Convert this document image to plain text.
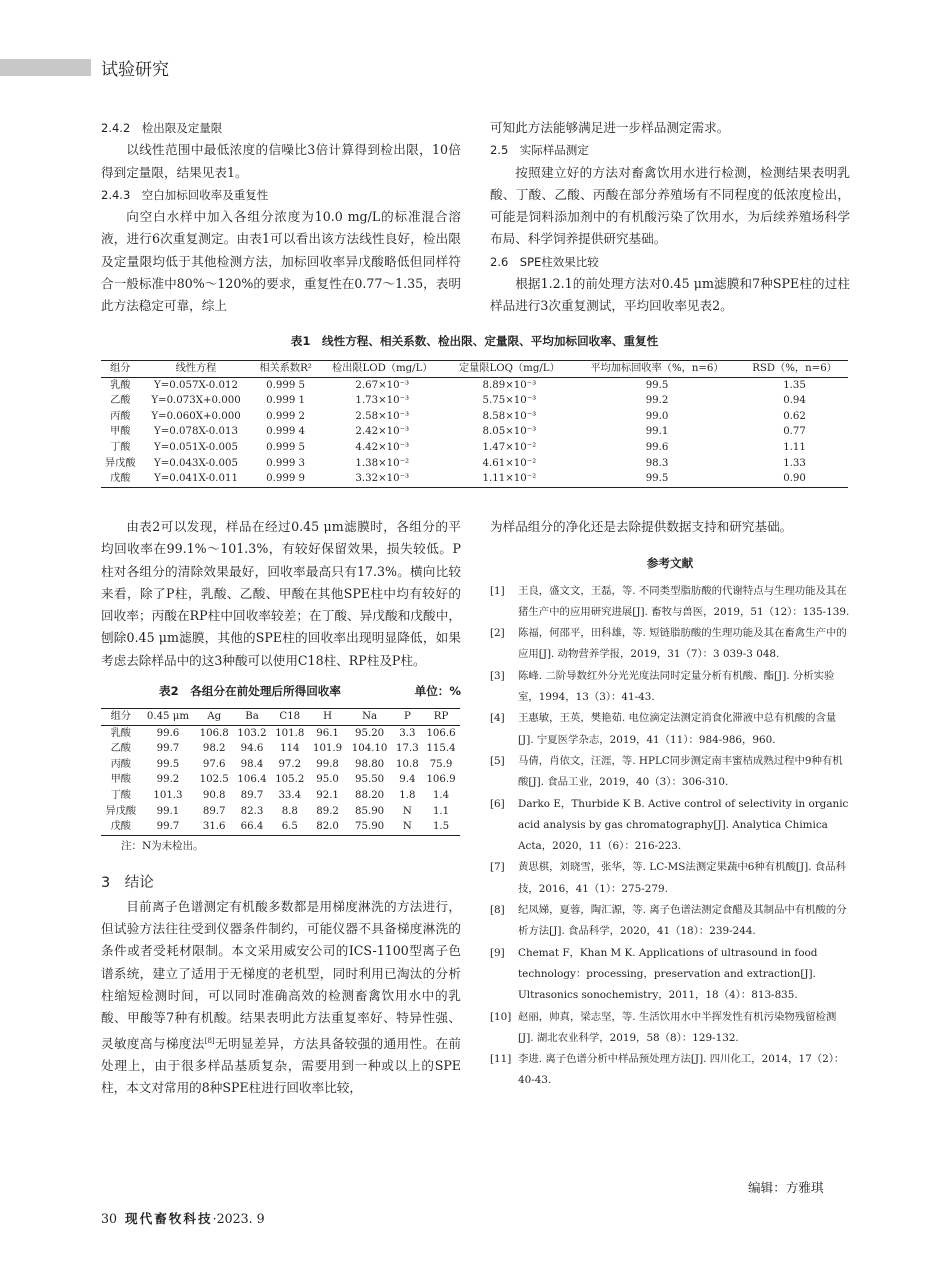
试验研究

2.4.2　检出限及定量限

以线性范围中最低浓度的信噪比3倍计算得到检出限，10倍得到定量限，结果见表1。

2.4.3　空白加标回收率及重复性

向空白水样中加入各组分浓度为10.0 mg/L的标准混合溶液，进行6次重复测定。由表1可以看出该方法线性良好，检出限及定量限均低于其他检测方法，加标回收率异戊酸略低但同样符合一般标准中80%～120%的要求，重复性在0.77～1.35，表明此方法稳定可靠，综上

可知此方法能够满足进一步样品测定需求。

2.5　实际样品测定

按照建立好的方法对畜禽饮用水进行检测，检测结果表明乳酸、丁酸、乙酸、丙酸在部分养殖场有不同程度的低浓度检出，可能是饲料添加剂中的有机酸污染了饮用水，为后续养殖场科学布局、科学饲养提供研究基础。

2.6　SPE柱效果比较

根据1.2.1的前处理方法对0.45 μm滤膜和7种SPE柱的过柱样品进行3次重复测试，平均回收率见表2。

表1　线性方程、相关系数、检出限、定量限、平均加标回收率、重复性
组分	线性方程	相关系数R²	检出限LOD（mg/L）	定量限LOQ（mg/L）	平均加标回收率（%，n=6）	RSD（%，n=6）
乳酸	Y=0.057X-0.012	0.999 5	2.67×10⁻³	8.89×10⁻³	99.5	1.35
乙酸	Y=0.073X+0.000	0.999 1	1.73×10⁻³	5.75×10⁻³	99.2	0.94
丙酸	Y=0.060X+0.000	0.999 2	2.58×10⁻³	8.58×10⁻³	99.0	0.62
甲酸	Y=0.078X-0.013	0.999 4	2.42×10⁻³	8.05×10⁻³	99.1	0.77
丁酸	Y=0.051X-0.005	0.999 5	4.42×10⁻³	1.47×10⁻²	99.6	1.11
异戊酸	Y=0.043X-0.005	0.999 3	1.38×10⁻²	4.61×10⁻²	98.3	1.33
戊酸	Y=0.041X-0.011	0.999 9	3.32×10⁻³	1.11×10⁻²	99.5	0.90

由表2可以发现，样品在经过0.45 μm滤膜时，各组分的平均回收率在99.1%～101.3%，有较好保留效果，损失较低。P柱对各组分的清除效果最好，回收率最高只有17.3%。横向比较来看，除了P柱，乳酸、乙酸、甲酸在其他SPE柱中均有较好的回收率；丙酸在RP柱中回收率较差；在丁酸、异戊酸和戊酸中，刨除0.45 μm滤膜，其他的SPE柱的回收率出现明显降低，如果考虑去除样品中的这3种酸可以使用C18柱、RP柱及P柱。

表2　各组分在前处理后所得回收率	单位：%
组分	0.45 μm	Ag	Ba	C18	H	Na	P	RP
乳酸	99.6	106.8	103.2	101.8	96.1	95.20	3.3	106.6
乙酸	99.7	98.2	94.6	114	101.9	104.10	17.3	115.4
丙酸	99.5	97.6	98.4	97.2	99.8	98.80	10.8	75.9
甲酸	99.2	102.5	106.4	105.2	95.0	95.50	9.4	106.9
丁酸	101.3	90.8	89.7	33.4	92.1	88.20	1.8	1.4
异戊酸	99.1	89.7	82.3	8.8	89.2	85.90	N	1.1
戊酸	99.7	31.6	66.4	6.5	82.0	75.90	N	1.5
注：N为未检出。

3　结论

目前离子色谱测定有机酸多数都是用梯度淋洗的方法进行，但试验方法往往受到仪器条件制约，可能仪器不具备梯度淋洗的条件或者受耗材限制。本文采用威安公司的ICS-1100型离子色谱系统，建立了适用于无梯度的老机型，同时利用已淘汰的分析柱缩短检测时间，可以同时准确高效的检测畜禽饮用水中的乳酸、甲酸等7种有机酸。结果表明此方法重复率好、特异性强、灵敏度高与梯度法[8]无明显差异，方法具备较强的通用性。在前处理上，由于很多样品基质复杂，需要用到一种或以上的SPE柱，本文对常用的8种SPE柱进行回收率比较，

为样品组分的净化还是去除提供数据支持和研究基础。

参考文献
[1]	王良，盛文文，王磊，等. 不同类型脂肪酸的代谢特点与生理功能及其在猪生产中的应用研究进展[J]. 畜牧与兽医，2019，51（12）：135-139.
[2]	陈福，何邵平，田科雄，等. 短链脂肪酸的生理功能及其在畜禽生产中的应用[J]. 动物营养学报，2019，31（7）：3 039-3 048.
[3]	陈峰. 二阶导数红外分光光度法同时定量分析有机酸、酯[J]. 分析实验室，1994，13（3）：41-43.
[4]	王惠敏，王英，樊艳茹. 电位滴定法测定消食化滞液中总有机酸的含量[J]. 宁夏医学杂志，2019，41（11）：984-986，960.
[5]	马倩，肖依文，汪涯，等. HPLC同步测定南丰蜜桔成熟过程中9种有机酸[J]. 食品工业，2019，40（3）：306-310.
[6]	Darko E，Thurbide K B. Active control of selectivity in organic acid analysis by gas chromatography[J]. Analytica Chimica Acta，2020，11（6）：216-223.
[7]	黄思棋，刘晓雪，张华，等. LC-MS法测定果蔬中6种有机酸[J]. 食品科技，2016，41（1）：275-279.
[8]	纪凤娣，夏蓉，陶汇源，等. 离子色谱法测定食醋及其制品中有机酸的分析方法[J]. 食品科学，2020，41（18）：239-244.
[9]	Chemat F，Khan M K. Applications of ultrasound in food technology：processing，preservation and extraction[J]. Ultrasonics sonochemistry，2011，18（4）：813-835.
[10] 赵丽，帅真，梁志坚，等. 生活饮用水中半挥发性有机污染物残留检测[J]. 湖北农业科学，2019，58（8）：129-132.
[11] 李进. 离子色谱分析中样品预处理方法[J]. 四川化工，2014，17（2）：40-43.
编辑：方雅琪
30 现代畜牧科技·2023. 9
